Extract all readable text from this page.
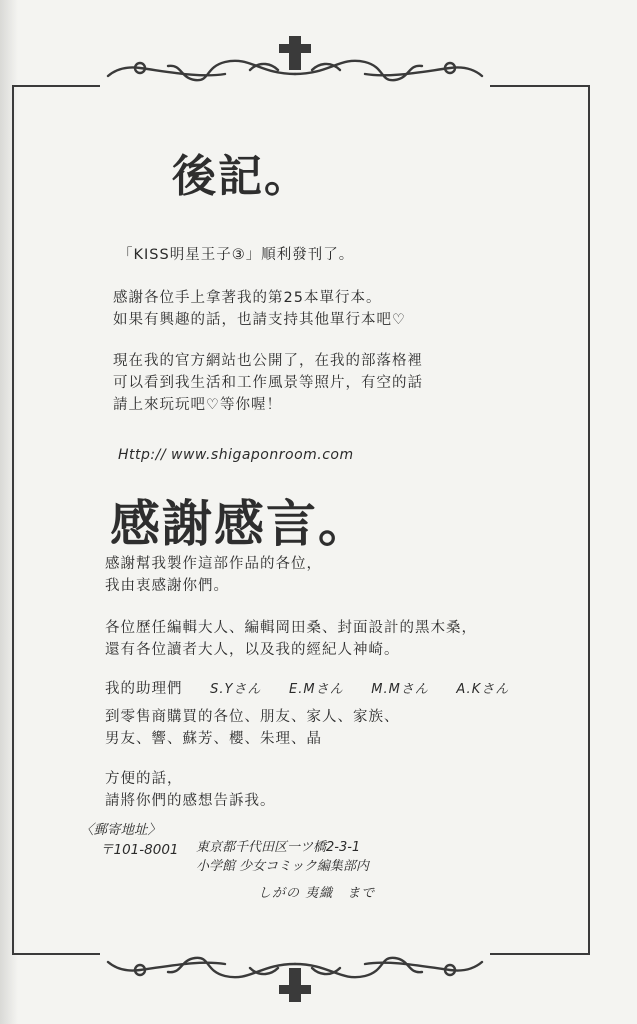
後記。
「KISS明星王子③」順利發刊了。
感謝各位手上拿著我的第25本單行本。
如果有興趣的話，也請支持其他單行本吧♡
現在我的官方網站也公開了，在我的部落格裡
可以看到我生活和工作風景等照片，有空的話
請上來玩玩吧♡等你喔！
Http:// www.shigaponroom.com
感謝感言。
感謝幫我製作這部作品的各位，
我由衷感謝你們。
各位歷任編輯大人、編輯岡田桑、封面設計的黑木桑，
還有各位讀者大人，以及我的經紀人神崎。
我的助理們 S.Yさん E.Mさん M.Mさん A.Kさん
到零售商購買的各位、朋友、家人、家族、
男友、響、蘇芳、櫻、朱理、晶
方便的話，
請將你們的感想告訴我。
〈郵寄地址〉
〒101-8001 東京都千代田区一ツ橋2-3-1
小学館 少女コミック編集部内
しがの 夷織　まで
